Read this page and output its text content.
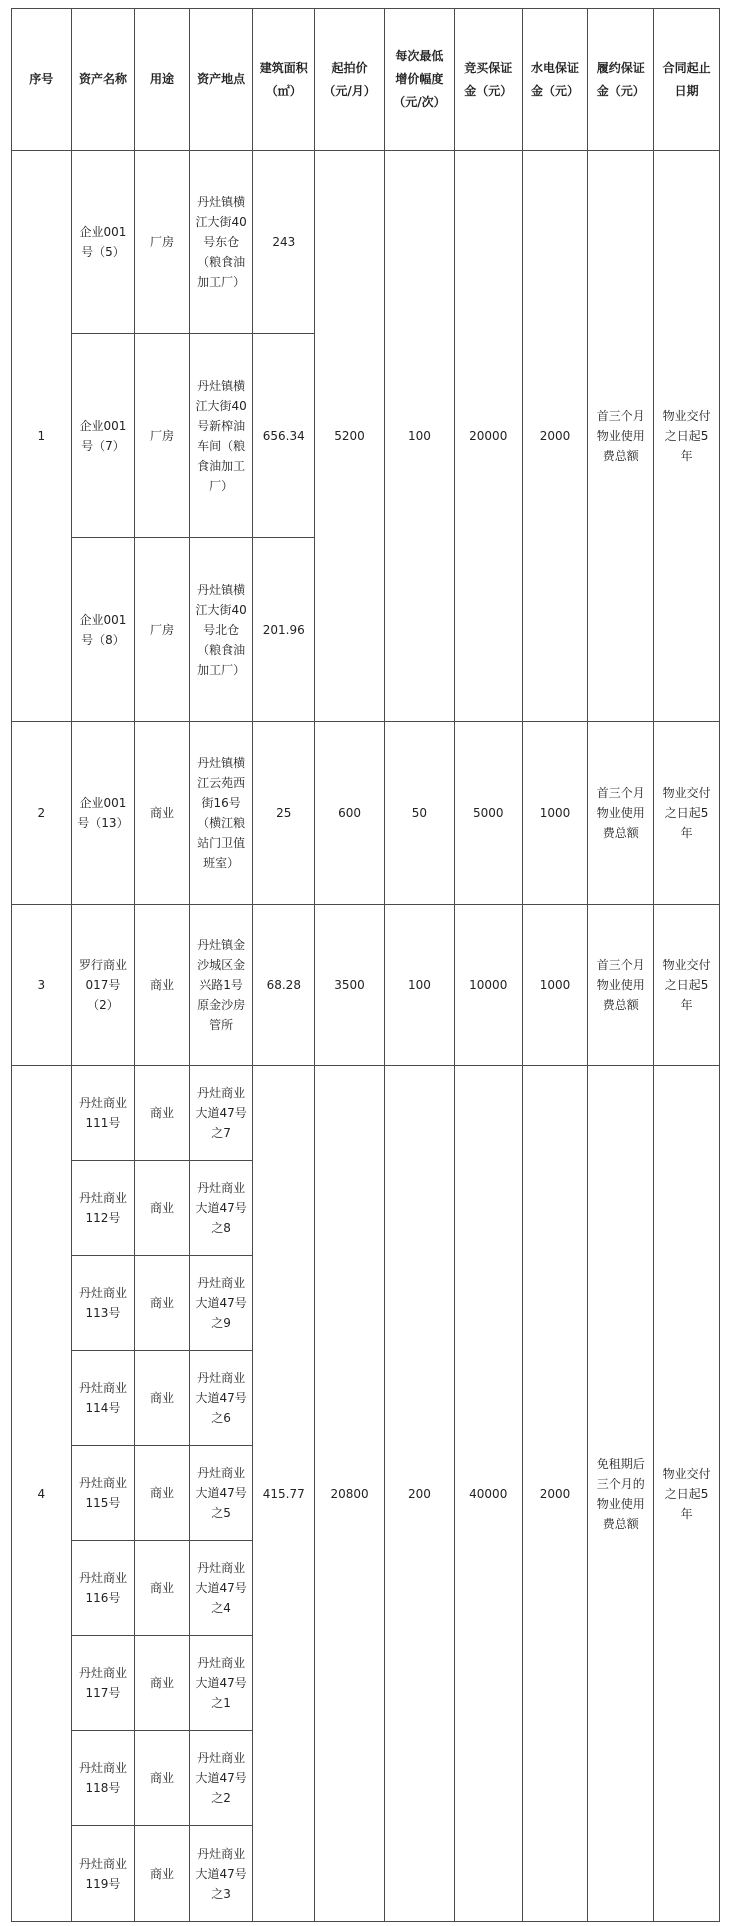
序号	资产名称	用途	资产地点	建筑面积（㎡）	起拍价（元/月）	每次最低增价幅度（元/次）	竞买保证金（元）	水电保证金（元）	履约保证金（元）	合同起止日期
1	企业001号（5）	厂房	丹灶镇横江大街40号东仓（粮食油加工厂）	243	5200	100	20000	2000	首三个月物业使用费总额	物业交付之日起5年
	企业001号（7）	厂房	丹灶镇横江大街40号新榨油车间（粮食油加工厂）	656.34						
	企业001号（8）	厂房	丹灶镇横江大街40号北仓（粮食油加工厂）	201.96						
2	企业001号（13）	商业	丹灶镇横江云苑西街16号（横江粮站门卫值班室）	25	600	50	5000	1000	首三个月物业使用费总额	物业交付之日起5年
3	罗行商业017号（2）	商业	丹灶镇金沙城区金兴路1号原金沙房管所	68.28	3500	100	10000	1000	首三个月物业使用费总额	物业交付之日起5年
4	丹灶商业111号	商业	丹灶商业大道47号之7	415.77	20800	200	40000	2000	免租期后三个月的物业使用费总额	物业交付之日起5年
	丹灶商业112号	商业	丹灶商业大道47号之8							
	丹灶商业113号	商业	丹灶商业大道47号之9							
	丹灶商业114号	商业	丹灶商业大道47号之6							
	丹灶商业115号	商业	丹灶商业大道47号之5							
	丹灶商业116号	商业	丹灶商业大道47号之4							
	丹灶商业117号	商业	丹灶商业大道47号之1							
	丹灶商业118号	商业	丹灶商业大道47号之2							
	丹灶商业119号	商业	丹灶商业大道47号之3							
